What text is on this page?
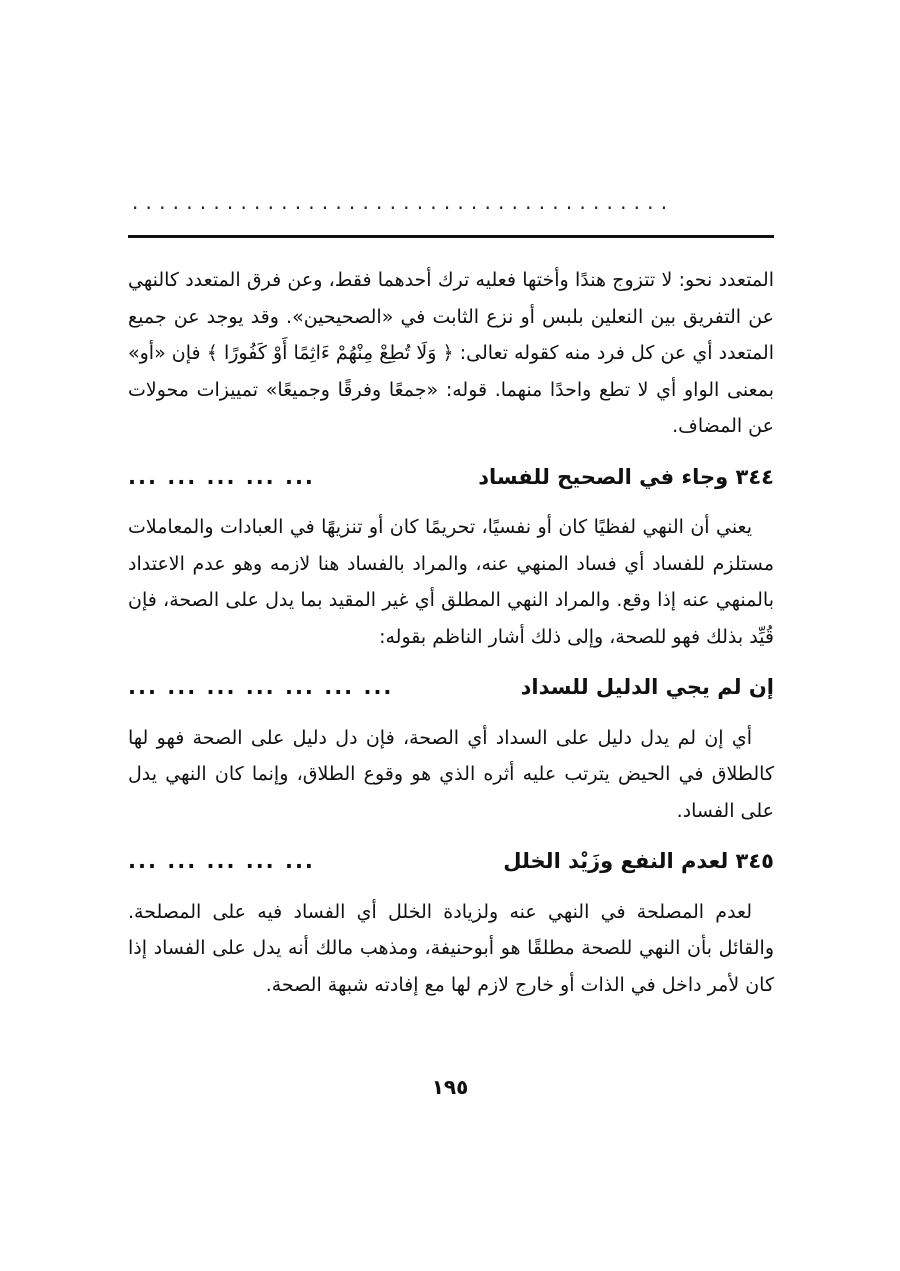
........................................

المتعدد نحو: لا تتزوج هندًا وأختها فعليه ترك أحدهما فقط، وعن فرق المتعدد كالنهي عن التفريق بين النعلين بلبس أو نزع الثابت في «الصحيحين». وقد يوجد عن جميع المتعدد أي عن كل فرد منه كقوله تعالى: ﴿ وَلَا تُطِعْ مِنْهُمْ ءَاثِمًا أَوْ كَفُورًا ﴾ فإن «أو» بمعنى الواو أي لا تطع واحدًا منهما. قوله: «جمعًا وفرقًا وجميعًا» تمييزات محولات عن المضاف.

٣٤٤ وجاء في الصحيح للفساد
... ... ... ... ...

يعني أن النهي لفظيًا كان أو نفسيًا، تحريمًا كان أو تنزيهًا في العبادات والمعاملات مستلزم للفساد أي فساد المنهي عنه، والمراد بالفساد هنا لازمه وهو عدم الاعتداد بالمنهي عنه إذا وقع. والمراد النهي المطلق أي غير المقيد بما يدل على الصحة، فإن قُيِّد بذلك فهو للصحة، وإلى ذلك أشار الناظم بقوله:

إن لم يجي الدليل للسداد
... ... ... ... ... ... ...

أي إن لم يدل دليل على السداد أي الصحة، فإن دل دليل على الصحة فهو لها كالطلاق في الحيض يترتب عليه أثره الذي هو وقوع الطلاق، وإنما كان النهي يدل على الفساد.

٣٤٥ لعدم النفع وزَيْد الخلل
... ... ... ... ...

لعدم المصلحة في النهي عنه ولزيادة الخلل أي الفساد فيه على المصلحة. والقائل بأن النهي للصحة مطلقًا هو أبوحنيفة، ومذهب مالك أنه يدل على الفساد إذا كان لأمر داخل في الذات أو خارج لازم لها مع إفادته شبهة الصحة.

١٩٥
